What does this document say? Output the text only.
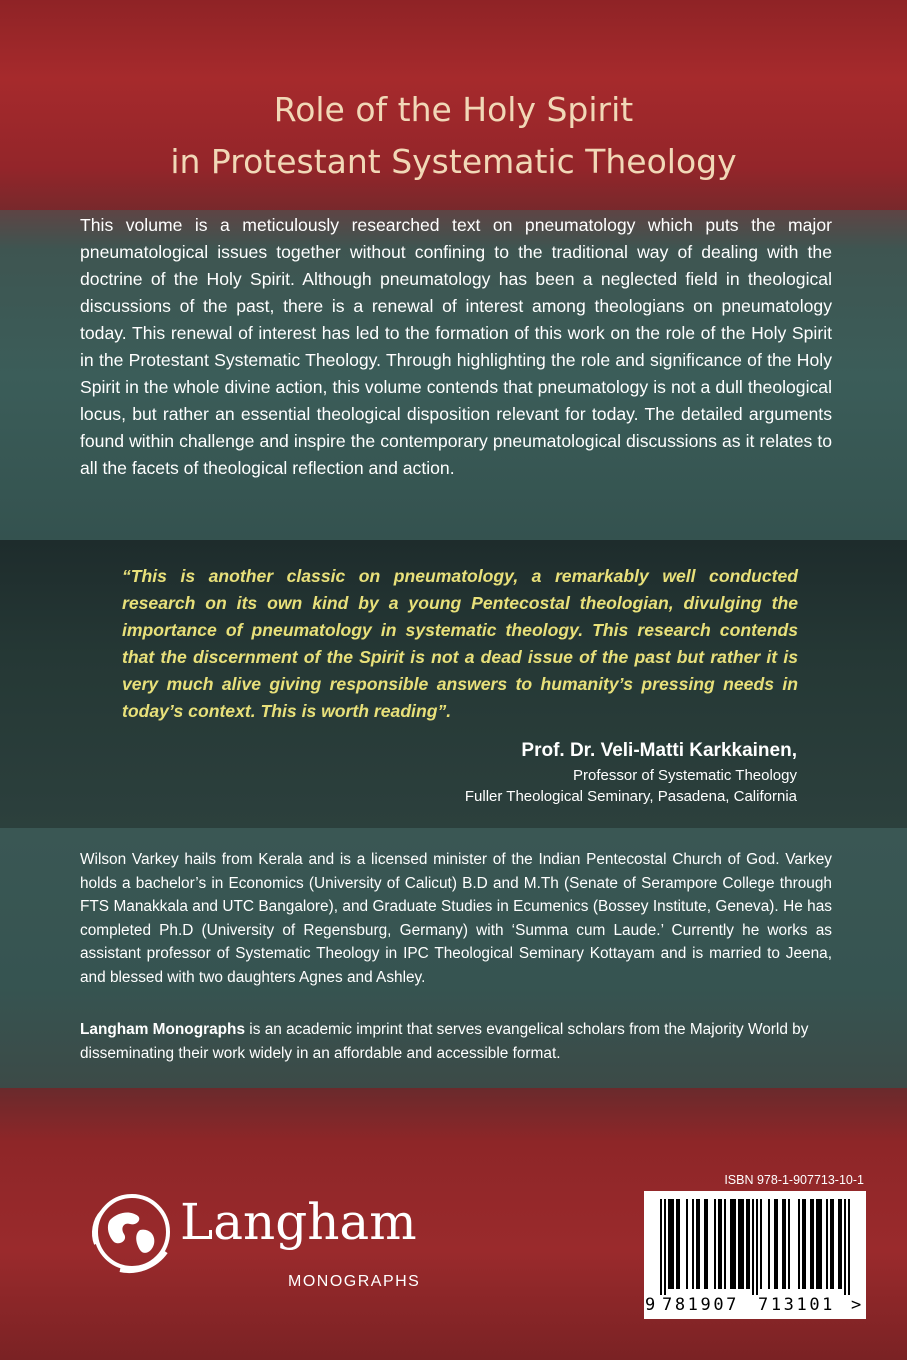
Role of the Holy Spirit
in Protestant Systematic Theology

This volume is a meticulously researched text on pneumatology which puts the major pneumatological issues together without confining to the traditional way of dealing with the doctrine of the Holy Spirit. Although pneumatology has been a neglected field in theological discussions of the past, there is a renewal of interest among theologians on pneumatology today. This renewal of interest has led to the formation of this work on the role of the Holy Spirit in the Protestant Systematic Theology. Through highlighting the role and significance of the Holy Spirit in the whole divine action, this volume contends that pneumatology is not a dull theological locus, but rather an essential theological disposition relevant for today. The detailed arguments found within challenge and inspire the contemporary pneumatological discussions as it relates to all the facets of theological reflection and action.

“This is another classic on pneumatology, a remarkably well conducted research on its own kind by a young Pentecostal theologian, divulging the importance of pneumatology in systematic theology. This research contends that the discernment of the Spirit is not a dead issue of the past but rather it is very much alive giving responsible answers to humanity’s pressing needs in today’s context. This is worth reading”.

Prof. Dr. Veli-Matti Karkkainen,
Professor of Systematic Theology
Fuller Theological Seminary, Pasadena, California

Wilson Varkey hails from Kerala and is a licensed minister of the Indian Pentecostal Church of God. Varkey holds a bachelor’s in Economics (University of Calicut) B.D and M.Th (Senate of Serampore College through FTS Manakkala and UTC Bangalore), and Graduate Studies in Ecumenics (Bossey Institute, Geneva). He has completed Ph.D (University of Regensburg, Germany) with ‘Summa cum Laude.’ Currently he works as assistant professor of Systematic Theology in IPC Theological Seminary Kottayam and is married to Jeena, and blessed with two daughters Agnes and Ashley.

Langham Monographs is an academic imprint that serves evangelical scholars from the Majority World by disseminating their work widely in an affordable and accessible format.

Langham
MONOGRAPHS
ISBN 978-1-907713-10-1
9 781907 713101 >
